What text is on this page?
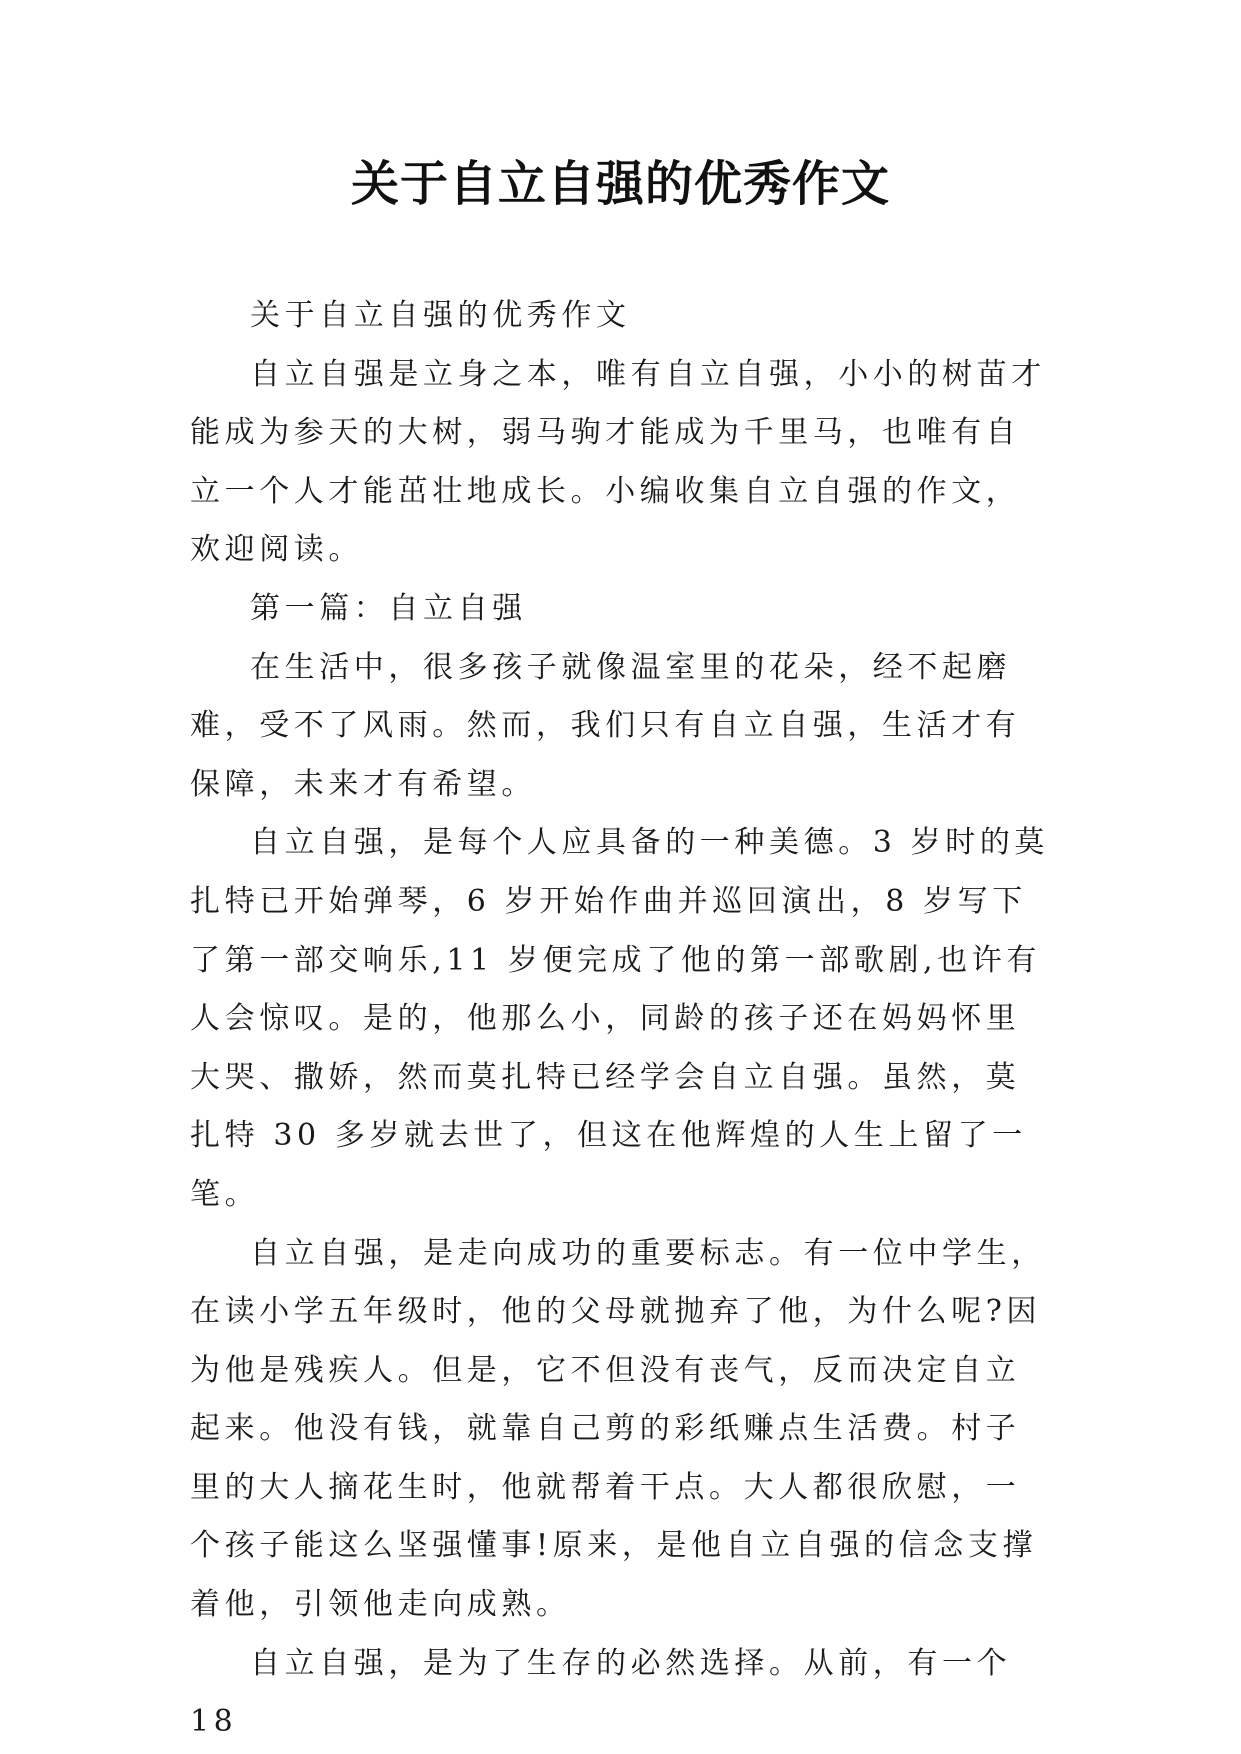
关于自立自强的优秀作文

关于自立自强的优秀作文

自立自强是立身之本，唯有自立自强，小小的树苗才能成为参天的大树，弱马驹才能成为千里马，也唯有自立一个人才能茁壮地成长。小编收集自立自强的作文，欢迎阅读。

第一篇：自立自强

在生活中，很多孩子就像温室里的花朵，经不起磨难，受不了风雨。然而，我们只有自立自强，生活才有保障，未来才有希望。

自立自强，是每个人应具备的一种美德。3 岁时的莫扎特已开始弹琴，6 岁开始作曲并巡回演出，8 岁写下了第一部交响乐,11 岁便完成了他的第一部歌剧,也许有人会惊叹。是的，他那么小，同龄的孩子还在妈妈怀里大哭、撒娇，然而莫扎特已经学会自立自强。虽然，莫扎特 30 多岁就去世了，但这在他辉煌的人生上留了一笔。

自立自强，是走向成功的重要标志。有一位中学生，在读小学五年级时，他的父母就抛弃了他，为什么呢?因为他是残疾人。但是，它不但没有丧气，反而决定自立起来。他没有钱，就靠自己剪的彩纸赚点生活费。村子里的大人摘花生时，他就帮着干点。大人都很欣慰，一个孩子能这么坚强懂事!原来，是他自立自强的信念支撑着他，引领他走向成熟。

自立自强，是为了生存的必然选择。从前，有一个 18
